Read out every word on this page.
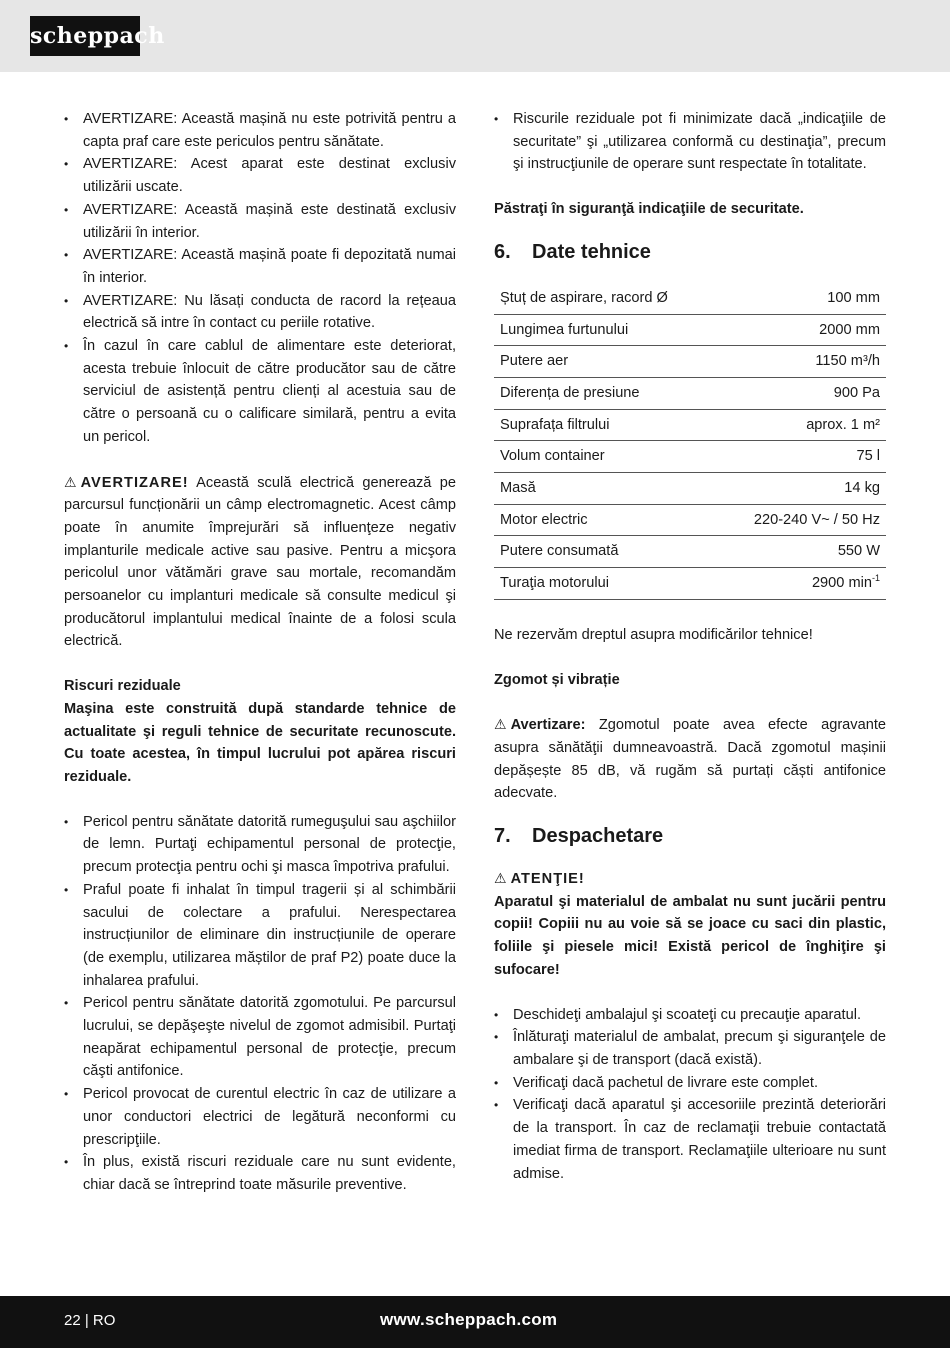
scheppach
• AVERTIZARE: Această mașină nu este potrivită pentru a capta praf care este periculos pentru sănătate.
• AVERTIZARE: Acest aparat este destinat exclusiv utilizării uscate.
• AVERTIZARE: Această mașină este destinată exclusiv utilizării în interior.
• AVERTIZARE: Această mașină poate fi depozitată numai în interior.
• AVERTIZARE: Nu lăsați conducta de racord la rețeaua electrică să intre în contact cu periile rotative.
• În cazul în care cablul de alimentare este deteriorat, acesta trebuie înlocuit de către producător sau de către serviciul de asistență pentru clienți al acestuia sau de către o persoană cu o calificare similară, pentru a evita un pericol.

⚠ AVERTIZARE! Această sculă electrică generează pe parcursul funcționării un câmp electromagnetic. Acest câmp poate în anumite împrejurări să influenţeze negativ implanturile medicale active sau pasive. Pentru a micşora pericolul unor vătămări grave sau mortale, recomandăm persoanelor cu implanturi medicale să consulte medicul şi producătorul implantului medical înainte de a folosi scula electrică.

Riscuri reziduale

Maşina este construită după standarde tehnice de actualitate şi reguli tehnice de securitate recunoscute. Cu toate acestea, în timpul lucrului pot apărea riscuri reziduale.

• Pericol pentru sănătate datorită rumeguşului sau aşchiilor de lemn. Purtaţi echipamentul personal de protecţie, precum protecţia pentru ochi şi masca împotriva prafului.
• Praful poate fi inhalat în timpul tragerii și al schimbării sacului de colectare a prafului. Nerespectarea instrucțiunilor de eliminare din instrucțiunile de operare (de exemplu, utilizarea măștilor de praf P2) poate duce la inhalarea prafului.
• Pericol pentru sănătate datorită zgomotului. Pe parcursul lucrului, se depăşeşte nivelul de zgomot admisibil. Purtaţi neapărat echipamentul personal de protecţie, precum căşti antifonice.
• Pericol provocat de curentul electric în caz de utilizare a unor conductori electrici de legătură neconformi cu prescripţiile.
• În plus, există riscuri reziduale care nu sunt evidente, chiar dacă se întreprind toate măsurile preventive.
• Riscurile reziduale pot fi minimizate dacă „indicaţiile de securitate” şi „utilizarea conformă cu destinaţia”, precum şi instrucţiunile de operare sunt respectate în totalitate.

Păstraţi în siguranţă indicaţiile de securitate.

6. Date tehnice
Ștuț de aspirare, racord Ø	100 mm
Lungimea furtunului	2000 mm
Putere aer	1150 m³/h
Diferența de presiune	900 Pa
Suprafața filtrului	aprox. 1 m²
Volum container	75 l
Masă	14 kg
Motor electric	220-240 V~ / 50 Hz
Putere consumată	550 W
Turaţia motorului	2900 $\min^{-1}$

Ne rezervăm dreptul asupra modificărilor tehnice!

Zgomot și vibrație

⚠ Avertizare: Zgomotul poate avea efecte agravante asupra sănătăţii dumneavoastră. Dacă zgomotul mașinii depășește 85 dB, vă rugăm să purtați căști antifonice adecvate.

7. Despachetare

⚠ ATENŢIE!

Aparatul şi materialul de ambalat nu sunt jucării pentru copii! Copiii nu au voie să se joace cu saci din plastic, foliile şi piesele mici! Există pericol de înghiţire şi sufocare!

• Deschideţi ambalajul şi scoateţi cu precauţie aparatul.
• Înlăturaţi materialul de ambalat, precum şi siguranţele de ambalare şi de transport (dacă există).
• Verificaţi dacă pachetul de livrare este complet.
• Verificaţi dacă aparatul şi accesoriile prezintă deteriorări de la transport. În caz de reclamaţii trebuie contactată imediat firma de transport. Reclamaţiile ulterioare nu sunt admise.
22 | RO	www.scheppach.com
